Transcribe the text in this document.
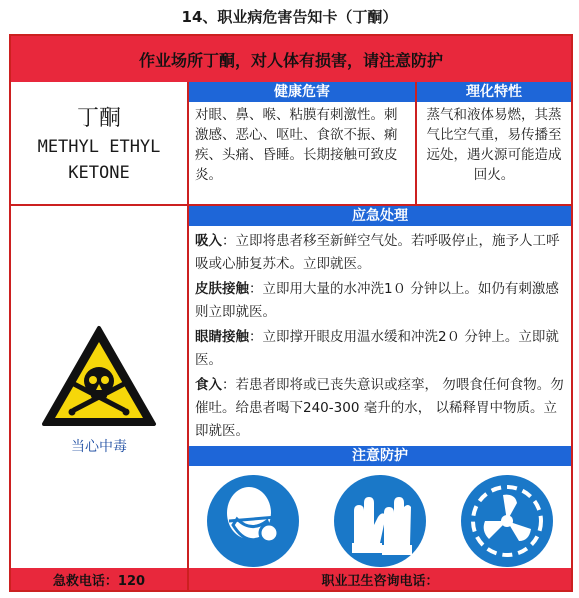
14、职业病危害告知卡（丁酮）
作业场所丁酮，对人体有损害，请注意防护
丁酮
METHYL ETHYL
KETONE
当心中毒
健康危害
对眼、鼻、喉、粘膜有刺激性。刺激感、恶心、呕吐、食欲不振、痢疾、头痛、昏睡。长期接触可致皮炎。
理化特性
蒸气和液体易燃，其蒸气比空气重，易传播至远处，遇火源可能造成回火。
应急处理

吸入：立即将患者移至新鲜空气处。若呼吸停止，施予人工呼吸或心肺复苏术。立即就医。

皮肤接触：立即用大量的水冲洗1０ 分钟以上。如仍有刺激感则立即就医。

眼睛接触：立即撑开眼皮用温水缓和冲洗2０ 分钟上。立即就医。

食入：若患者即将或已丧失意识或痉挛， 勿喂食任何食物。勿催吐。给患者喝下240-300 毫升的水， 以稀释胃中物质。立即就医。

注意防护
急救电话：120	职业卫生咨询电话：
